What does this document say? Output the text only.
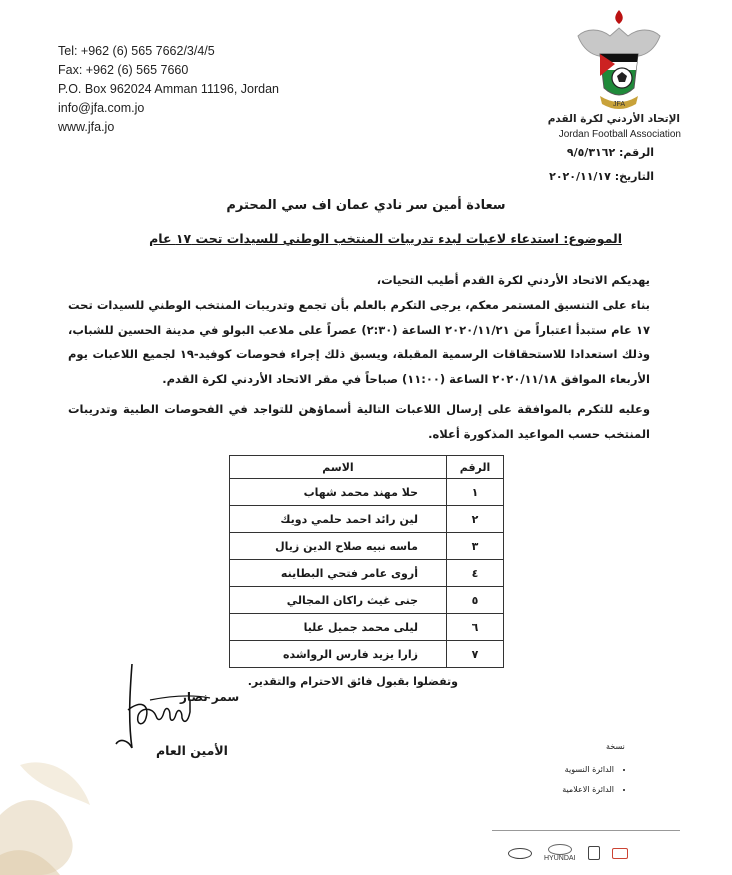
Tel: +962 (6) 565 7662/3/4/5
Fax: +962 (6) 565 7660
P.O. Box 962024 Amman 11196, Jordan
info@jfa.com.jo
www.jfa.jo
JFA
الإتحاد الأردني لكرة القدم
Jordan Football Association
الرقم: ٩/٥/٣١٦٢
التاريخ: ٢٠٢٠/١١/١٧
سعادة أمين سر نادي عمان اف سي المحترم
الموضوع: استدعاء لاعبات لبدء تدريبات المنتخب الوطني للسيدات تحت ١٧ عام
يهديكم الاتحاد الأردني لكرة القدم أطيب التحيات،
بناء على التنسيق المستمر معكم، يرجى التكرم بالعلم بأن تجمع وتدريبات المنتخب الوطني للسيدات تحت ١٧ عام ستبدأ اعتباراً من ٢٠٢٠/١١/٢١ الساعة (٢:٣٠) عصراً على ملاعب البولو في مدينة الحسين للشباب، وذلك استعدادا للاستحقاقات الرسمية المقبلة، ويسبق ذلك إجراء فحوصات كوفيد-١٩ لجميع اللاعبات يوم الأربعاء الموافق ٢٠٢٠/١١/١٨ الساعة (١١:٠٠) صباحاً في مقر الاتحاد الأردني لكرة القدم.
وعليه للتكرم بالموافقة على إرسال اللاعبات التالية أسماؤهن للتواجد في الفحوصات الطبية وتدريبات المنتخب حسب المواعيد المذكورة أعلاه.
الرقم	الاسم
١	حلا مهند محمد شهاب
٢	لين رائد احمد حلمي دويك
٣	ماسه نبيه صلاح الدين زيال
٤	أروى عامر فتحي البطاينه
٥	جنى غيث راكان المجالي
٦	ليلى محمد جميل عليا
٧	زارا يزيد فارس الرواشده
وتفضلوا بقبول فائق الاحترام والتقدير.
سمر نصار
الأمين العام	نسخة
• الدائرة النسوية
• الدائرة الاعلامية
HYUNDAI
